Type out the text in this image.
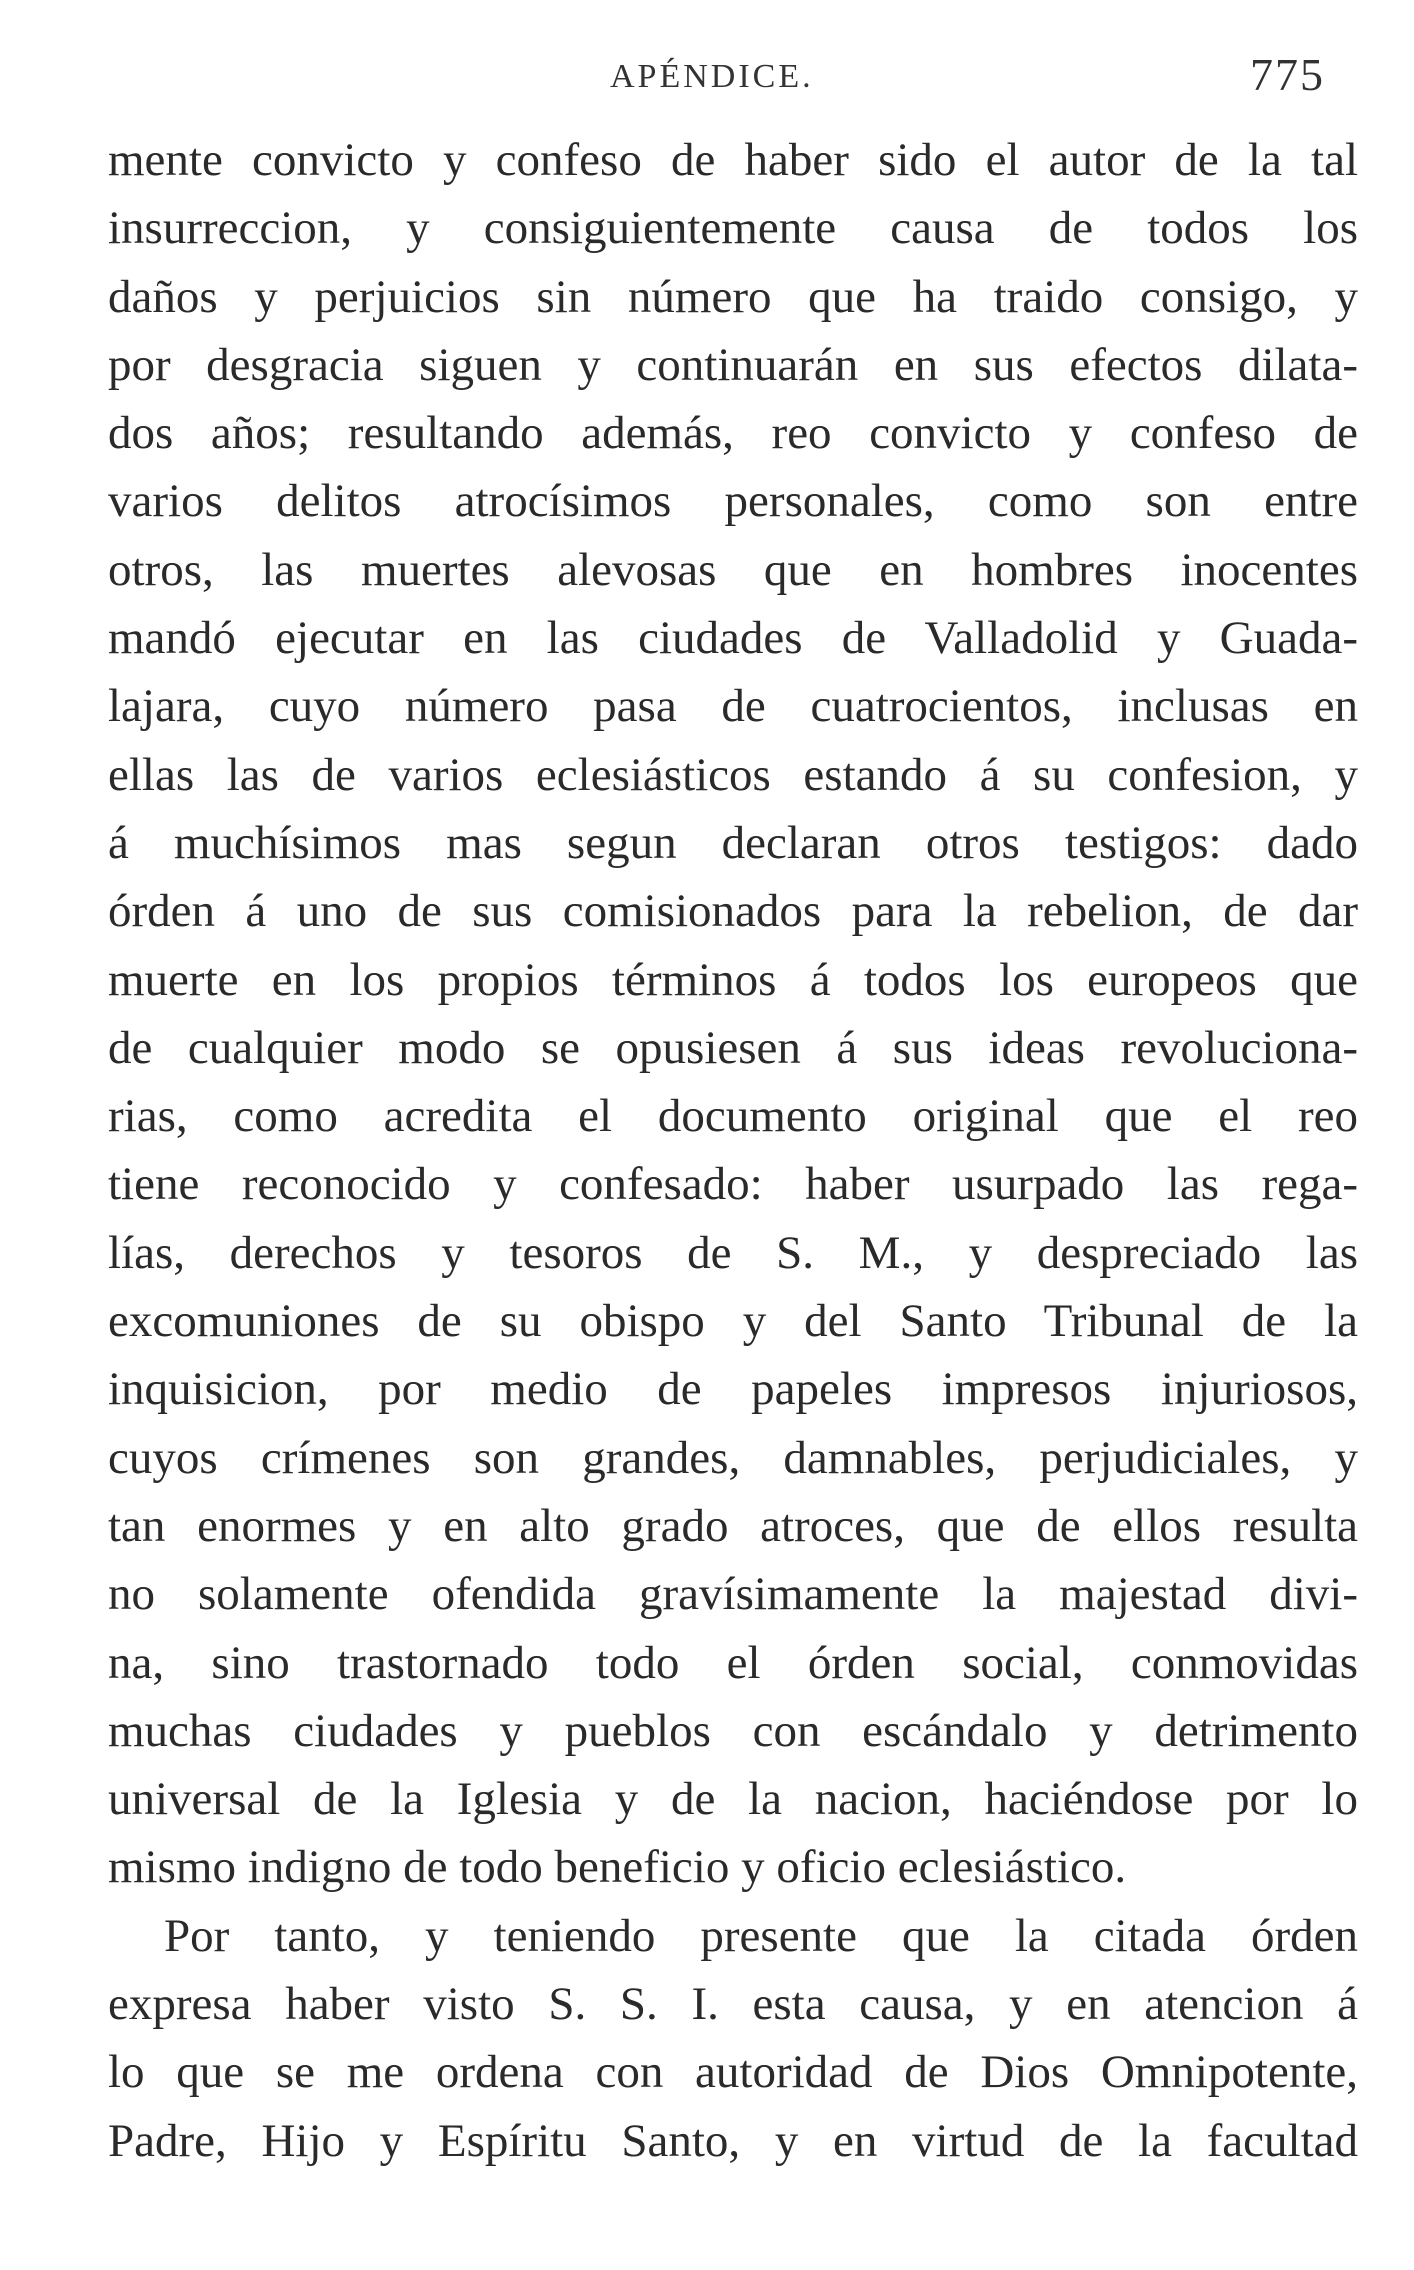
APÉNDICE.	775
mente convicto y confeso de haber sido el autor de la tal
insurreccion, y consiguientemente causa de todos los
daños y perjuicios sin número que ha traido consigo, y
por desgracia siguen y continuarán en sus efectos dilata-
dos años; resultando además, reo convicto y confeso de
varios delitos atrocísimos personales, como son entre
otros, las muertes alevosas que en hombres inocentes
mandó ejecutar en las ciudades de Valladolid y Guada-
lajara, cuyo número pasa de cuatrocientos, inclusas en
ellas las de varios eclesiásticos estando á su confesion, y
á muchísimos mas segun declaran otros testigos: dado
órden á uno de sus comisionados para la rebelion, de dar
muerte en los propios términos á todos los europeos que
de cualquier modo se opusiesen á sus ideas revoluciona-
rias, como acredita el documento original que el reo
tiene reconocido y confesado: haber usurpado las rega-
lías, derechos y tesoros de S. M., y despreciado las
excomuniones de su obispo y del Santo Tribunal de la
inquisicion, por medio de papeles impresos injuriosos,
cuyos crímenes son grandes, damnables, perjudiciales, y
tan enormes y en alto grado atroces, que de ellos resulta
no solamente ofendida gravísimamente la majestad divi-
na, sino trastornado todo el órden social, conmovidas
muchas ciudades y pueblos con escándalo y detrimento
universal de la Iglesia y de la nacion, haciéndose por lo
mismo indigno de todo beneficio y oficio eclesiástico.
Por tanto, y teniendo presente que la citada órden
expresa haber visto S. S. I. esta causa, y en atencion á
lo que se me ordena con autoridad de Dios Omnipotente,
Padre, Hijo y Espíritu Santo, y en virtud de la facultad
